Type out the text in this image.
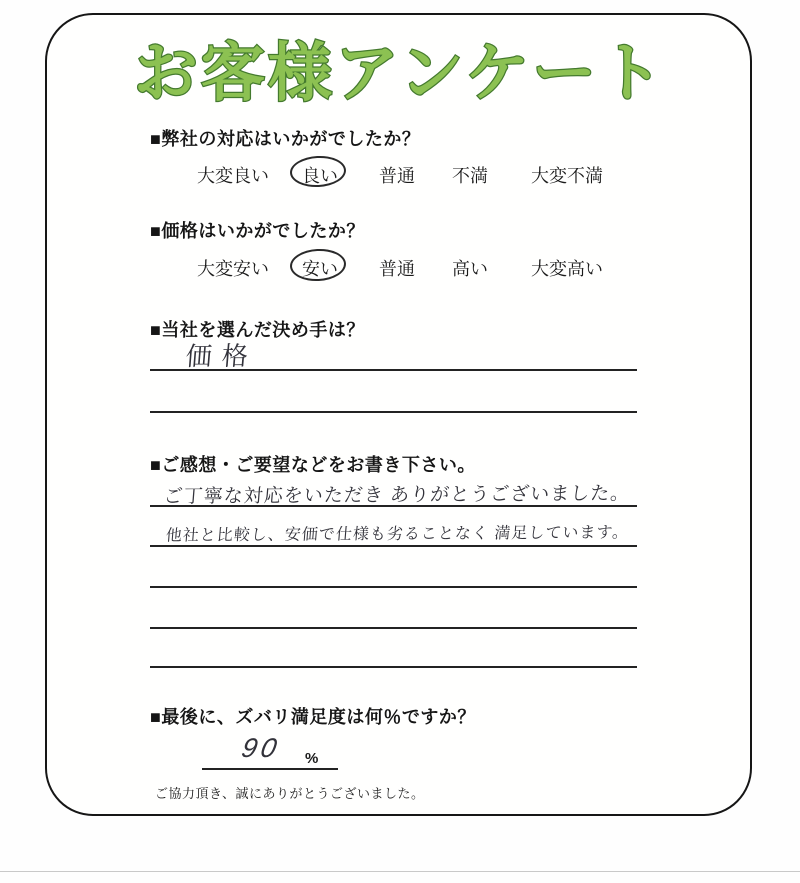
お客様アンケート
■弊社の対応はいかがでしたか？
大変良い 良い 普通 不満 大変不満
■価格はいかがでしたか？
大変安い 安い 普通 高い 大変高い
■当社を選んだ決め手は？
価格
■ご感想・ご要望などをお書き下さい。
ご丁寧な対応をいただき ありがとうございました。
他社と比較し、安価で仕様も劣ることなく 満足しています。
■最後に、ズバリ満足度は何％ですか？
90 %
ご協力頂き、誠にありがとうございました。
